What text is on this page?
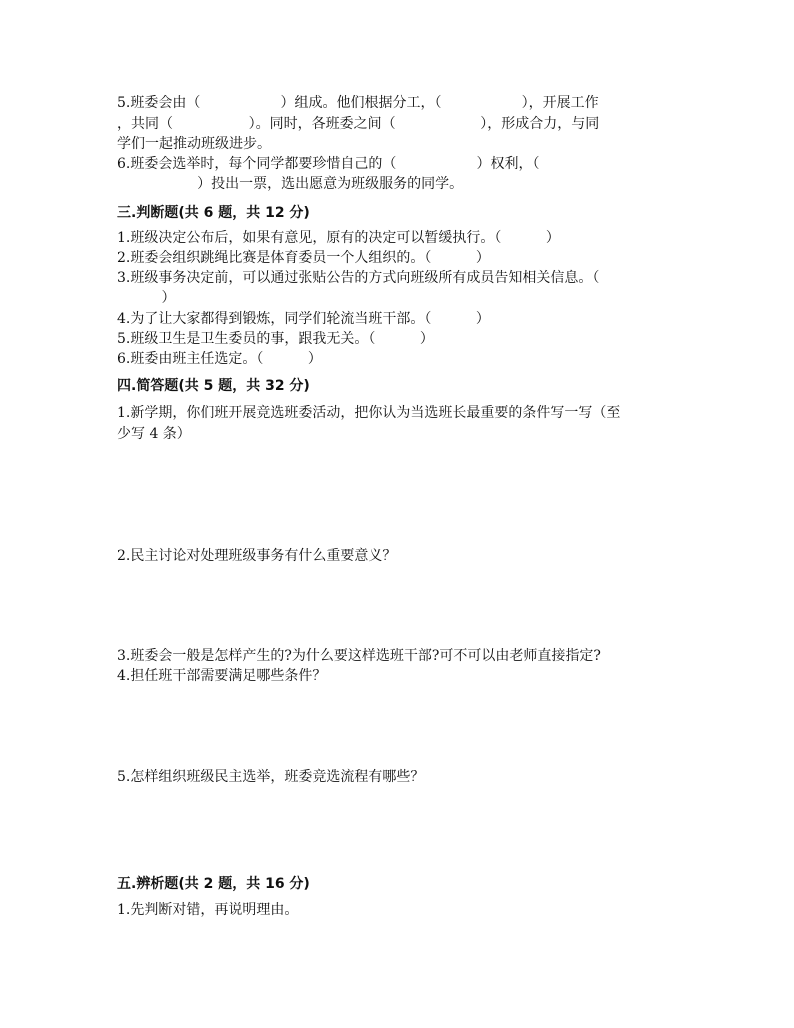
5.班委会由（                  ）组成。他们根据分工，（                  ），开展工作
，共同（                 ）。同时，各班委之间（                   ），形成合力，与同
学们一起推动班级进步。
6.班委会选举时，每个同学都要珍惜自己的（                  ）权利，（
）投出一票，选出愿意为班级服务的同学。
三.判断题(共 6 题，共 12 分)
1.班级决定公布后，如果有意见，原有的决定可以暂缓执行。（          ）
2.班委会组织跳绳比赛是体育委员一个人组织的。（          ）
3.班级事务决定前，可以通过张贴公告的方式向班级所有成员告知相关信息。（
）
4.为了让大家都得到锻炼，同学们轮流当班干部。（          ）
5.班级卫生是卫生委员的事，跟我无关。（          ）
6.班委由班主任选定。（          ）
四.简答题(共 5 题，共 32 分)
1.新学期，你们班开展竞选班委活动，把你认为当选班长最重要的条件写一写（至
少写 4 条）
2.民主讨论对处理班级事务有什么重要意义？
3.班委会一般是怎样产生的?为什么要这样选班干部?可不可以由老师直接指定?
4.担任班干部需要满足哪些条件？
5.怎样组织班级民主选举，班委竞选流程有哪些？
五.辨析题(共 2 题，共 16 分)
1.先判断对错，再说明理由。
